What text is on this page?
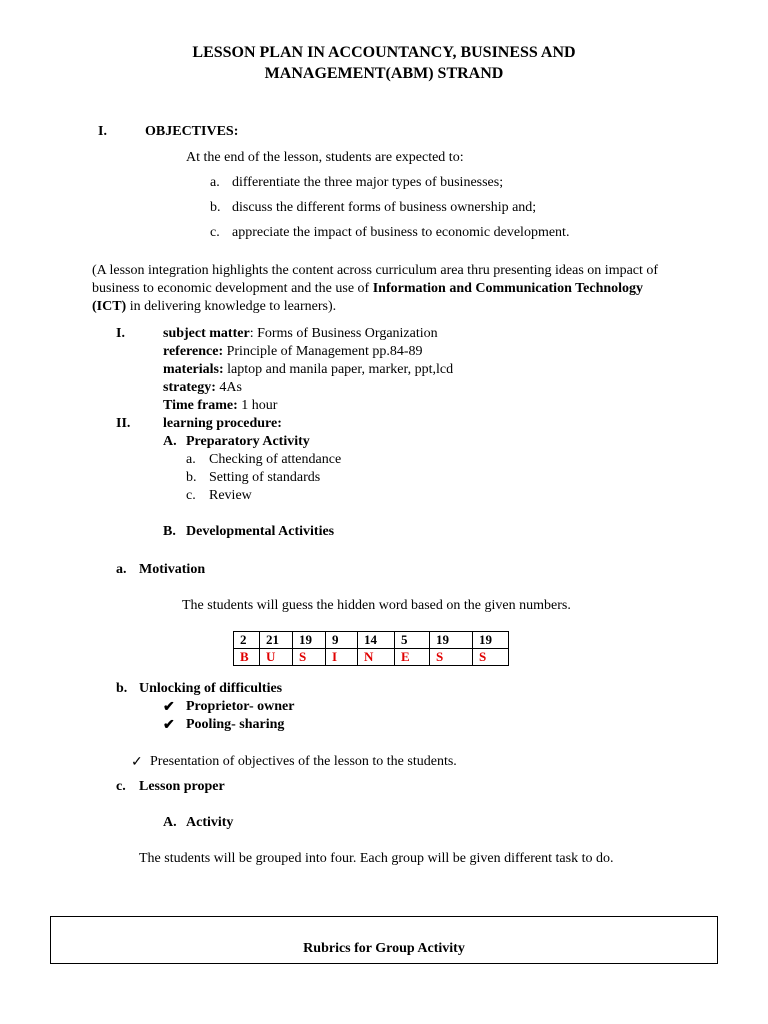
LESSON PLAN IN ACCOUNTANCY, BUSINESS AND
MANAGEMENT(ABM) STRAND
I.	OBJECTIVES:
At the end of the lesson, students are expected to:
a. differentiate the three major types of businesses;
b. discuss the different forms of business ownership and;
c. appreciate the impact of business to economic development.
(A lesson integration highlights the content across curriculum area thru presenting ideas on impact of business to economic development and the use of Information and Communication Technology (ICT) in delivering knowledge to learners).
I.	subject matter: Forms of Business Organization
reference: Principle of Management pp.84-89
materials: laptop and manila paper, marker, ppt,lcd
strategy: 4As
Time frame: 1 hour
II. learning procedure:
A. Preparatory Activity
a. Checking of attendance
b. Setting of standards
c. Review
B. Developmental Activities
a. Motivation
The students will guess the hidden word based on the given numbers.
2	21	19	9	14	5	19	19
B	U	S	I	N	E	S	S
b. Unlocking of difficulties
✔ Proprietor- owner
✔ Pooling- sharing
✓ Presentation of objectives of the lesson to the students.
c. Lesson proper
A. Activity
The students will be grouped into four. Each group will be given different task to do.
Rubrics for Group Activity
